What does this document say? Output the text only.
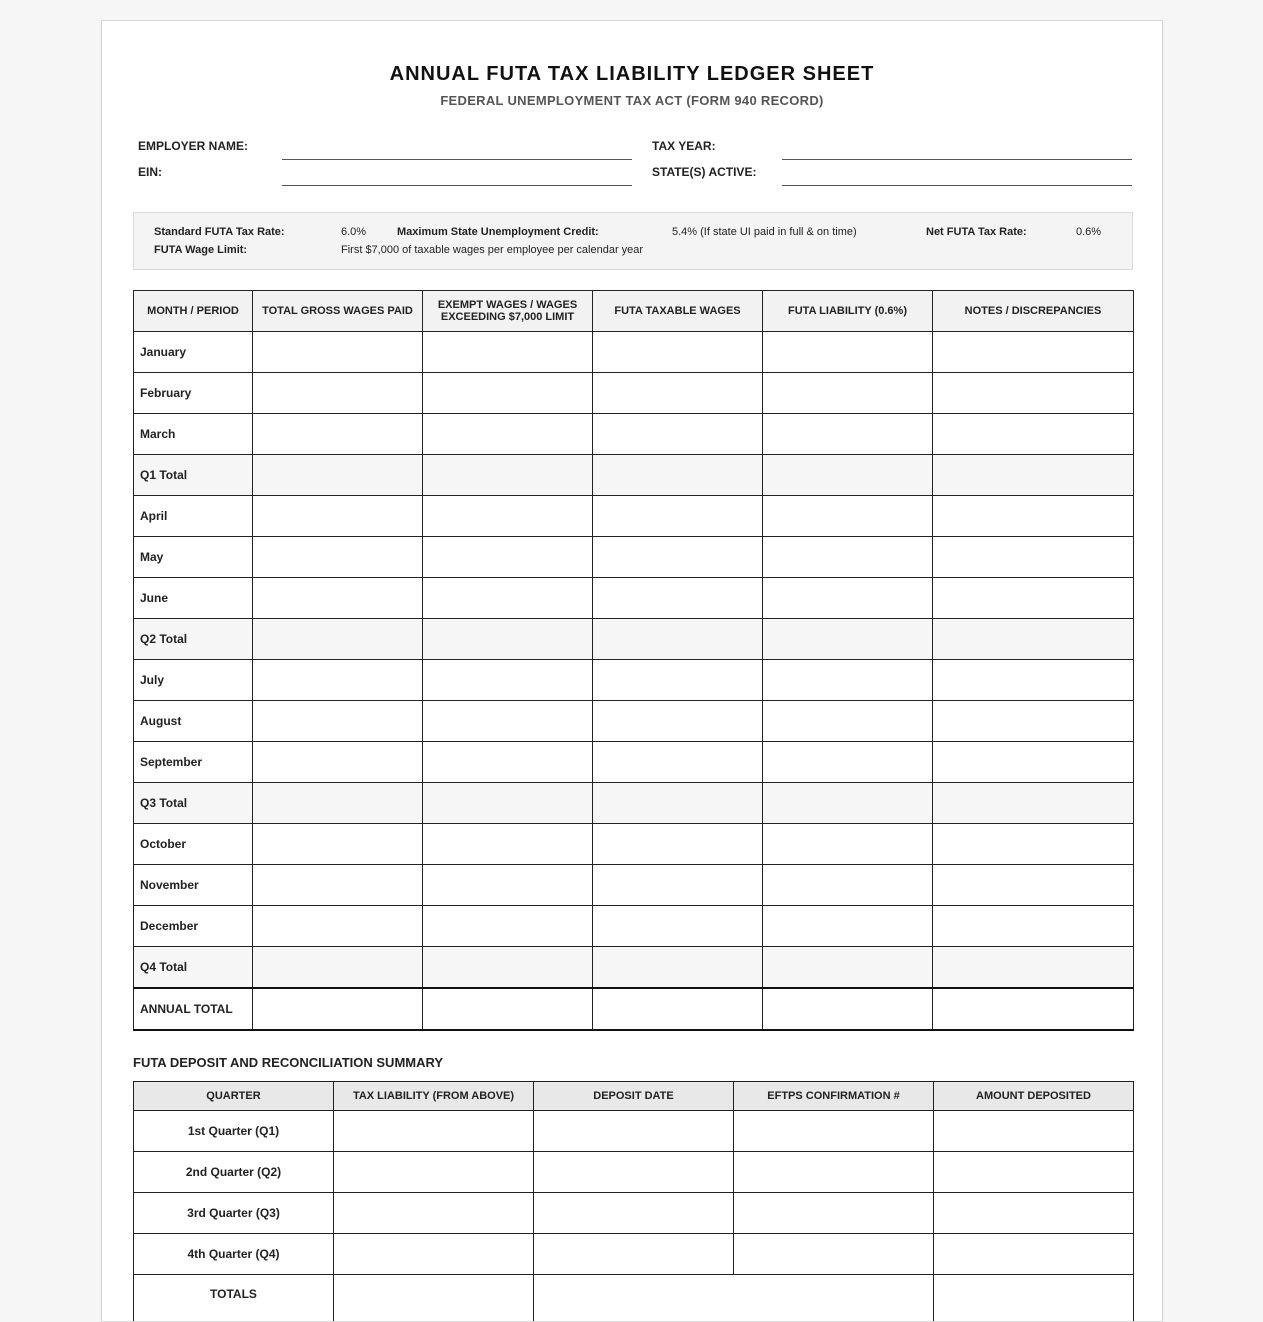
ANNUAL FUTA TAX LIABILITY LEDGER SHEET
FEDERAL UNEMPLOYMENT TAX ACT (FORM 940 RECORD)
EMPLOYER NAME:
EIN:
TAX YEAR:
STATE(S) ACTIVE:
Standard FUTA Tax Rate:	6.0%	Maximum State Unemployment Credit:	5.4% (If state UI paid in full & on time)	Net FUTA Tax Rate:	0.6%
FUTA Wage Limit:	First $7,000 of taxable wages per employee per calendar year
MONTH / PERIOD	TOTAL GROSS WAGES PAID	EXEMPT WAGES / WAGES EXCEEDING $7,000 LIMIT	FUTA TAXABLE WAGES	FUTA LIABILITY (0.6%)	NOTES / DISCREPANCIES
January					
February					
March					
Q1 Total					
April					
May					
June					
Q2 Total					
July					
August					
September					
Q3 Total					
October					
November					
December					
Q4 Total					
ANNUAL TOTAL					
FUTA DEPOSIT AND RECONCILIATION SUMMARY
QUARTER	TAX LIABILITY (FROM ABOVE)	DEPOSIT DATE	EFTPS CONFIRMATION #	AMOUNT DEPOSITED
1st Quarter (Q1)				
2nd Quarter (Q2)				
3rd Quarter (Q3)				
4th Quarter (Q4)				
TOTALS				
